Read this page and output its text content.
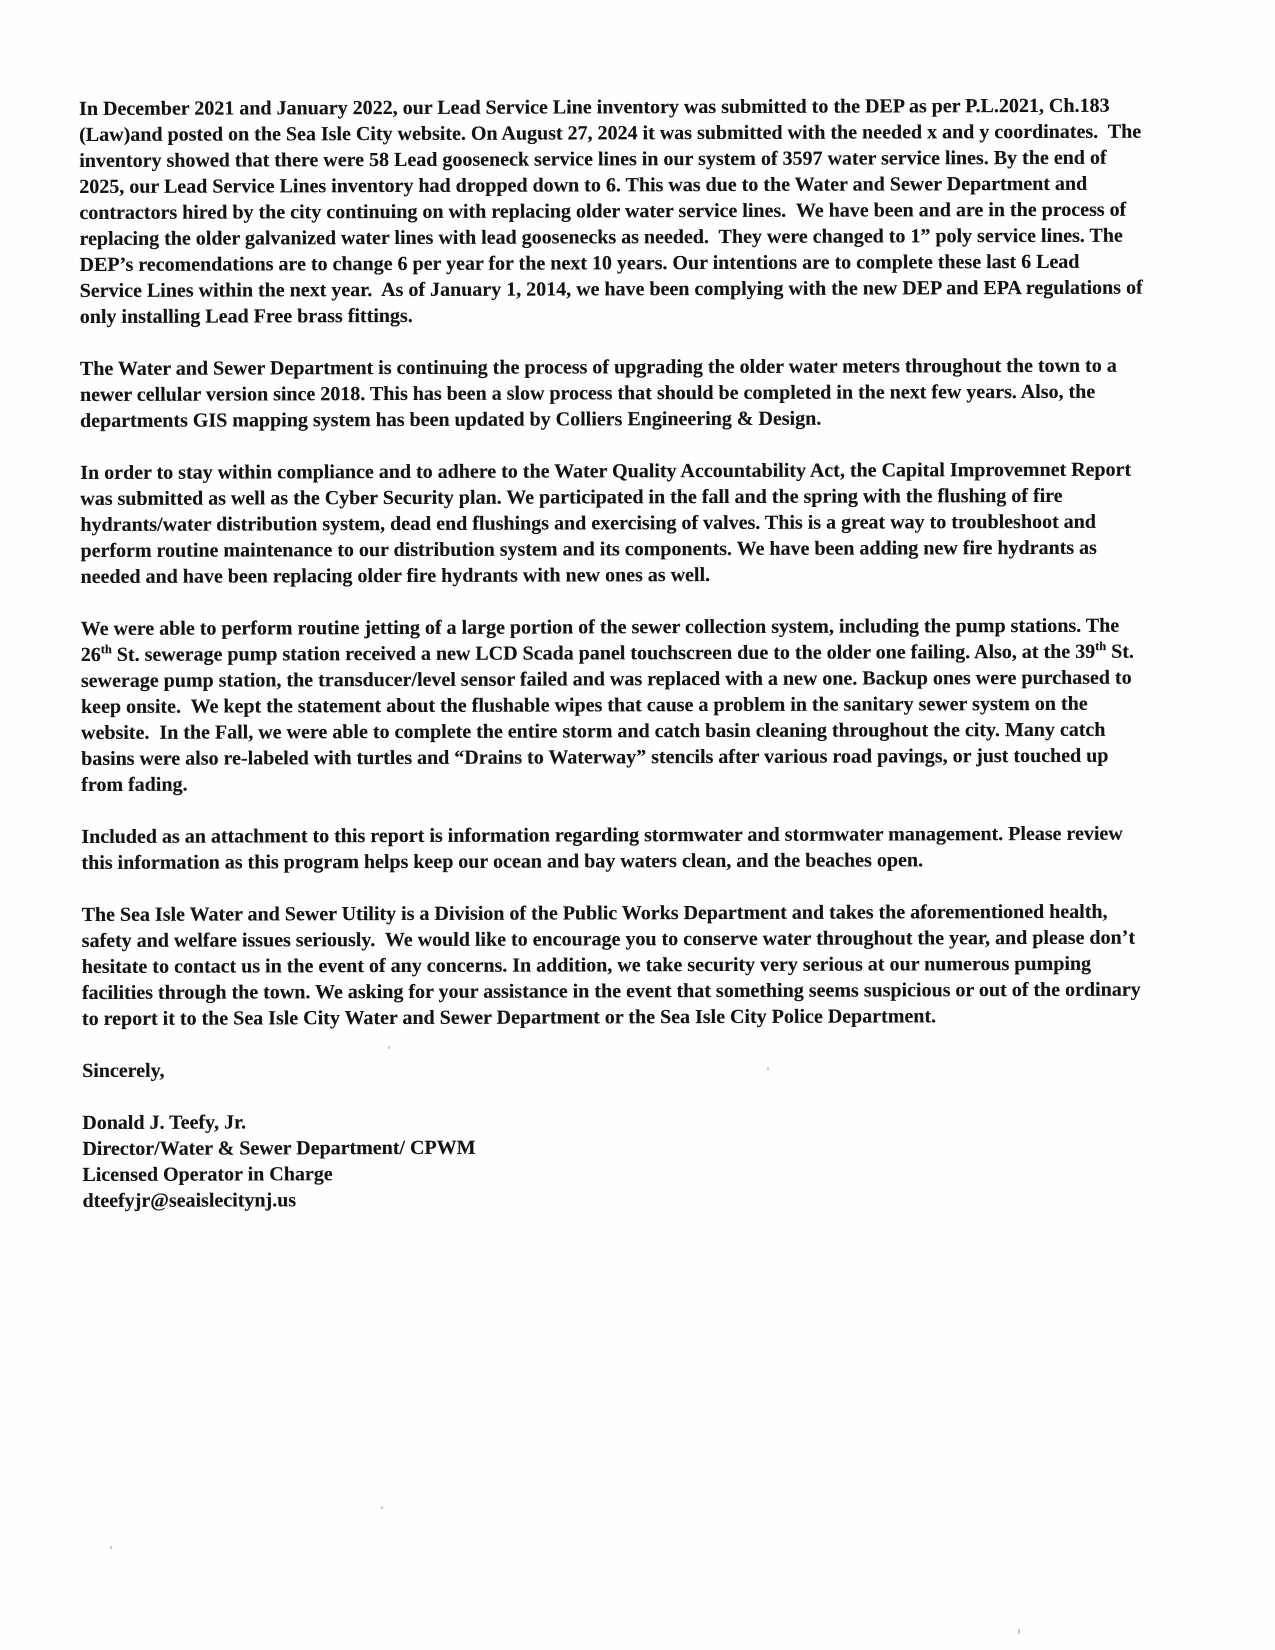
In December 2021 and January 2022, our Lead Service Line inventory was submitted to the DEP as per P.L.2021, Ch.183 (Law)and posted on the Sea Isle City website. On August 27, 2024 it was submitted with the needed x and y coordinates.  The inventory showed that there were 58 Lead gooseneck service lines in our system of 3597 water service lines. By the end of 2025, our Lead Service Lines inventory had dropped down to 6. This was due to the Water and Sewer Department and contractors hired by the city continuing on with replacing older water service lines.  We have been and are in the process of replacing the older galvanized water lines with lead goosenecks as needed.  They were changed to 1” poly service lines. The DEP’s recomendations are to change 6 per year for the next 10 years. Our intentions are to complete these last 6 Lead Service Lines within the next year.  As of January 1, 2014, we have been complying with the new DEP and EPA regulations of only installing Lead Free brass fittings.

The Water and Sewer Department is continuing the process of upgrading the older water meters throughout the town to a newer cellular version since 2018. This has been a slow process that should be completed in the next few years. Also, the departments GIS mapping system has been updated by Colliers Engineering & Design.

In order to stay within compliance and to adhere to the Water Quality Accountability Act, the Capital Improvemnet Report was submitted as well as the Cyber Security plan. We participated in the fall and the spring with the flushing of fire hydrants/water distribution system, dead end flushings and exercising of valves. This is a great way to troubleshoot and perform routine maintenance to our distribution system and its components. We have been adding new fire hydrants as needed and have been replacing older fire hydrants with new ones as well.

We were able to perform routine jetting of a large portion of the sewer collection system, including the pump stations. The 26th St. sewerage pump station received a new LCD Scada panel touchscreen due to the older one failing. Also, at the 39th St. sewerage pump station, the transducer/level sensor failed and was replaced with a new one. Backup ones were purchased to keep onsite.  We kept the statement about the flushable wipes that cause a problem in the sanitary sewer system on the website.  In the Fall, we were able to complete the entire storm and catch basin cleaning throughout the city. Many catch basins were also re-labeled with turtles and “Drains to Waterway” stencils after various road pavings, or just touched up from fading.

Included as an attachment to this report is information regarding stormwater and stormwater management. Please review this information as this program helps keep our ocean and bay waters clean, and the beaches open.

The Sea Isle Water and Sewer Utility is a Division of the Public Works Department and takes the aforementioned health, safety and welfare issues seriously.  We would like to encourage you to conserve water throughout the year, and please don’t hesitate to contact us in the event of any concerns. In addition, we take security very serious at our numerous pumping facilities through the town. We asking for your assistance in the event that something seems suspicious or out of the ordinary to report it to the Sea Isle City Water and Sewer Department or the Sea Isle City Police Department.

Sincerely,

Donald J. Teefy, Jr.

Director/Water & Sewer Department/ CPWM

Licensed Operator in Charge

dteefyjr@seaislecitynj.us
